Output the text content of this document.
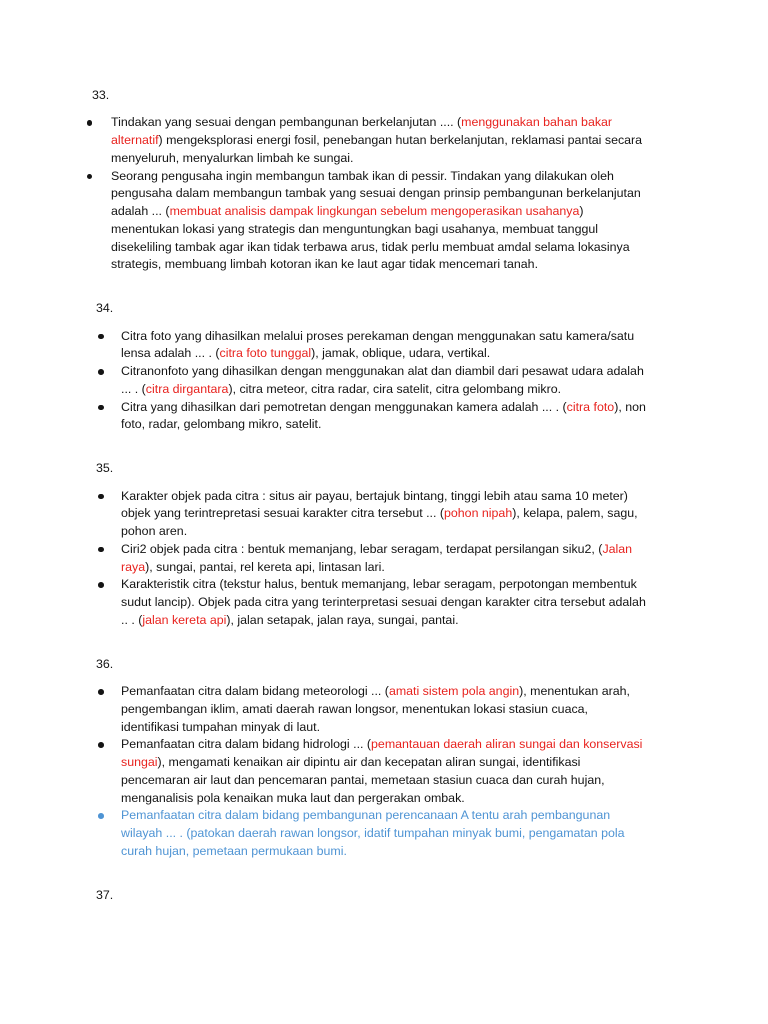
33.
Tindakan yang sesuai dengan pembangunan berkelanjutan .... (menggunakan bahan bakar
alternatif) mengeksplorasi energi fosil, penebangan hutan berkelanjutan, reklamasi pantai secara
menyeluruh, menyalurkan limbah ke sungai.
Seorang pengusaha ingin membangun tambak ikan di pessir. Tindakan yang dilakukan oleh
pengusaha dalam membangun tambak yang sesuai dengan prinsip pembangunan berkelanjutan
adalah ... (membuat analisis dampak lingkungan sebelum mengoperasikan usahanya)
menentukan lokasi yang strategis dan menguntungkan bagi usahanya, membuat tanggul
disekeliling tambak agar ikan tidak terbawa arus, tidak perlu membuat amdal selama lokasinya
strategis, membuang limbah kotoran ikan ke laut agar tidak mencemari tanah.
34.
Citra foto yang dihasilkan melalui proses perekaman dengan menggunakan satu kamera/satu
lensa adalah ... . (citra foto tunggal), jamak, oblique, udara, vertikal.
Citranonfoto yang dihasilkan dengan menggunakan alat dan diambil dari pesawat udara adalah
... . (citra dirgantara), citra meteor, citra radar, cira satelit, citra gelombang mikro.
Citra yang dihasilkan dari pemotretan dengan menggunakan kamera adalah ... . (citra foto), non
foto, radar, gelombang mikro, satelit.
35.
Karakter objek pada citra : situs air payau, bertajuk bintang, tinggi lebih atau sama 10 meter)
objek yang terintrepretasi sesuai karakter citra tersebut ... (pohon nipah), kelapa, palem, sagu,
pohon aren.
Ciri2 objek pada citra : bentuk memanjang, lebar seragam, terdapat persilangan siku2, (Jalan
raya), sungai, pantai, rel kereta api, lintasan lari.
Karakteristik citra (tekstur halus, bentuk memanjang, lebar seragam, perpotongan membentuk
sudut lancip). Objek pada citra yang terinterpretasi sesuai dengan karakter citra tersebut adalah
.. . (jalan kereta api), jalan setapak, jalan raya, sungai, pantai.
36.
Pemanfaatan citra dalam bidang meteorologi ... (amati sistem pola angin), menentukan arah,
pengembangan iklim, amati daerah rawan longsor, menentukan lokasi stasiun cuaca,
identifikasi tumpahan minyak di laut.
Pemanfaatan citra dalam bidang hidrologi ... (pemantauan daerah aliran sungai dan konservasi
sungai), mengamati kenaikan air dipintu air dan kecepatan aliran sungai, identifikasi
pencemaran air laut dan pencemaran pantai, memetaan stasiun cuaca dan curah hujan,
menganalisis pola kenaikan muka laut dan pergerakan ombak.
Pemanfaatan citra dalam bidang pembangunan perencanaan A tentu arah pembangunan
wilayah ... . (patokan daerah rawan longsor, idatif tumpahan minyak bumi, pengamatan pola
curah hujan, pemetaan permukaan bumi.
37.
